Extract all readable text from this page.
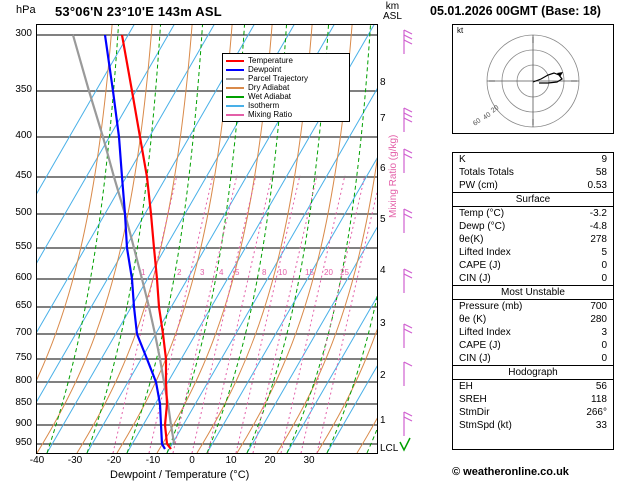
hPa 53°06'N 23°10'E 143m ASL	km
ASL 05.01.2026 00GMT (Base: 18)
300
350
400
450
500
550
600
650
700
750
800
850
900
950
8
7
6
5
4
3
2
1
LCL
Mixing Ratio (g/kg)
1	2 3 4 5	8 10 15 20 25
Temperature
Dewpoint
Parcel Trajectory
Dry Adiabat
Wet Adiabat
Isotherm
Mixing Ratio
-40	-30	-20	-10	0	10	20	30
Dewpoint / Temperature (°C)
kt
20
40
60
K	9
Totals Totals	58
PW (cm)	0.53
Surface
Temp (°C)	-3.2
Dewp (°C)	-4.8
θe(K)	278
Lifted Index	5
CAPE (J)	0
CIN (J)	0
Most Unstable
Pressure (mb)	700
θe (K)	280
Lifted Index	3
CAPE (J)	0
CIN (J)	0
Hodograph
EH	56
SREH	118
StmDir	266°
StmSpd (kt)	33
© weatheronline.co.uk
